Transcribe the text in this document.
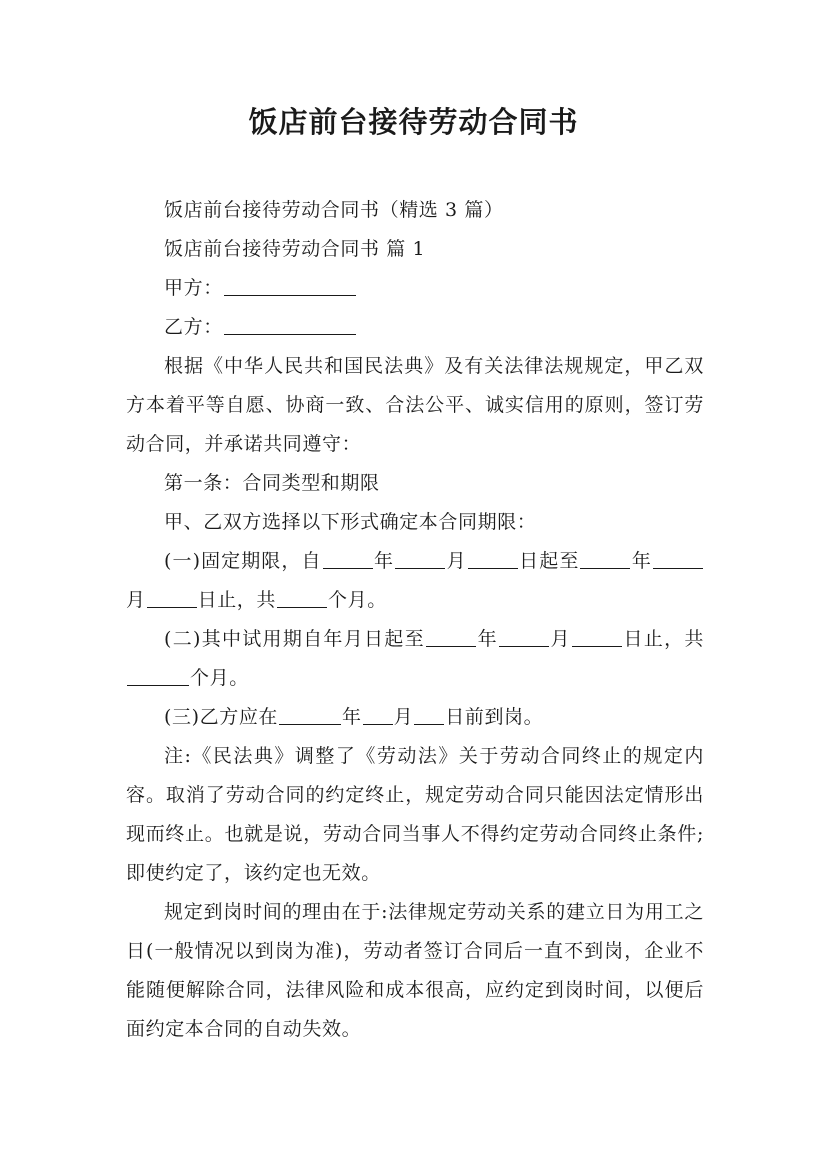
饭店前台接待劳动合同书

饭店前台接待劳动合同书（精选 3 篇）

饭店前台接待劳动合同书 篇 1

甲方：

乙方：

根据《中华人民共和国民法典》及有关法律法规规定，甲乙双方本着平等自愿、协商一致、合法公平、诚实信用的原则，签订劳动合同，并承诺共同遵守：

第一条：合同类型和期限

甲、乙双方选择以下形式确定本合同期限：

(一)固定期限，自	年	月	日起至	年月	日止，共	个月。

(二)其中试用期自年月日起至	年	月	日止，共个月。

(三)乙方应在	年 月 日前到岗。

注:《民法典》调整了《劳动法》关于劳动合同终止的规定内容。取消了劳动合同的约定终止，规定劳动合同只能因法定情形出现而终止。也就是说，劳动合同当事人不得约定劳动合同终止条件;即使约定了，该约定也无效。

规定到岗时间的理由在于:法律规定劳动关系的建立日为用工之日(一般情况以到岗为准)，劳动者签订合同后一直不到岗，企业不能随便解除合同，法律风险和成本很高，应约定到岗时间，以便后面约定本合同的自动失效。
